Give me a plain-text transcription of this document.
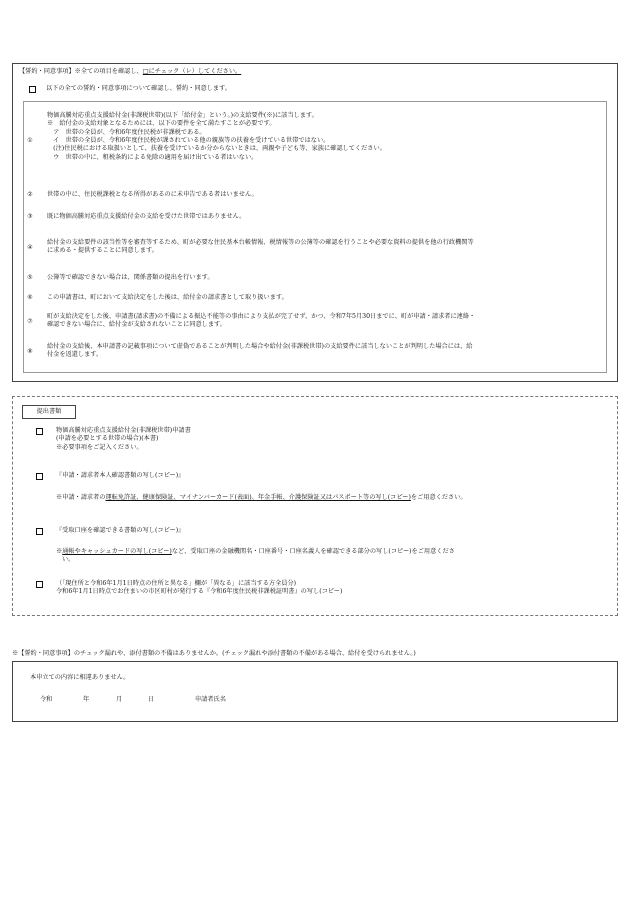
【誓約・同意事項】※全ての項目を確認し、□にチェック（レ）してください。
以下の全ての誓約・同意事項について確認し、誓約・同意します。
①
物価高騰対応重点支援給付金(非課税世帯)(以下「給付金」という。)の支給要件(※)に該当します。
※　給付金の支給対象となるためには、以下の要件を全て満たすことが必要です。
　ア　世帯の全員が、令和6年度住民税が非課税である。
　イ　世帯の全員が、令和6年度住民税が課されている他の親族等の扶養を受けている世帯ではない。
　(注)住民税における取扱いとして、扶養を受けているか分からないときは、両親や子ども等、家族に確認してください。
　ウ　世帯の中に、租税条約による免除の適用を届け出ている者はいない。
②	世帯の中に、住民税課税となる所得があるのに未申告である者はいません。
③	既に物価高騰対応重点支援給付金の支給を受けた世帯ではありません。
④
給付金の支給要件の該当性等を審査等するため、町が必要な住民基本台帳情報、税情報等の公簿等の確認を行うことや必要な資料の提供を他の行政機関等
に求める・提供することに同意します。
⑤	公簿等で確認できない場合は、関係書類の提出を行います。
⑥	この申請書は、町において支給決定をした後は、給付金の請求書として取り扱います。
⑦
町が支給決定をした後、申請書(請求書)の不備による振込不能等の事由により支払が完了せず、かつ、令和7年5月30日までに、町が申請・請求者に連絡・
確認できない場合に、給付金が支給されないことに同意します。
⑧
給付金の支給後、本申請書の記載事項について虚偽であることが判明した場合や給付金(非課税世帯)の支給要件に該当しないことが判明した場合には、給
付金を返還します。
提出書類
物価高騰対応重点支援給付金(非課税世帯)申請書
(申請を必要とする世帯の場合)(本書)
※必要事項をご記入ください。
『申請・請求者本人確認書類の写し(コピー)』
※申請・請求者の運転免許証、健康保険証、マイナンバーカード(表面)、年金手帳、介護保険証又はパスポート等の写し(コピー)をご用意ください。
『受取口座を確認できる書類の写し(コピー)』
※通帳やキャッシュカードの写し(コピー)など、受取口座の金融機関名・口座番号・口座名義人を確認できる部分の写し(コピー)をご用意くださ
い。
（「現住所と令和6年1月1日時点の住所と異なる」欄が「異なる」に該当する方全員分)
令和6年1月1日時点でお住まいの市区町村が発行する『令和6年度住民税非課税証明書』の写し(コピー)
※【誓約・同意事項】のチェック漏れや、添付書類の不備はありませんか。(チェック漏れや添付書類の不備がある場合、給付を受けられません。)
本申立ての内容に相違ありません。
令和	年	月	日	申請者氏名
